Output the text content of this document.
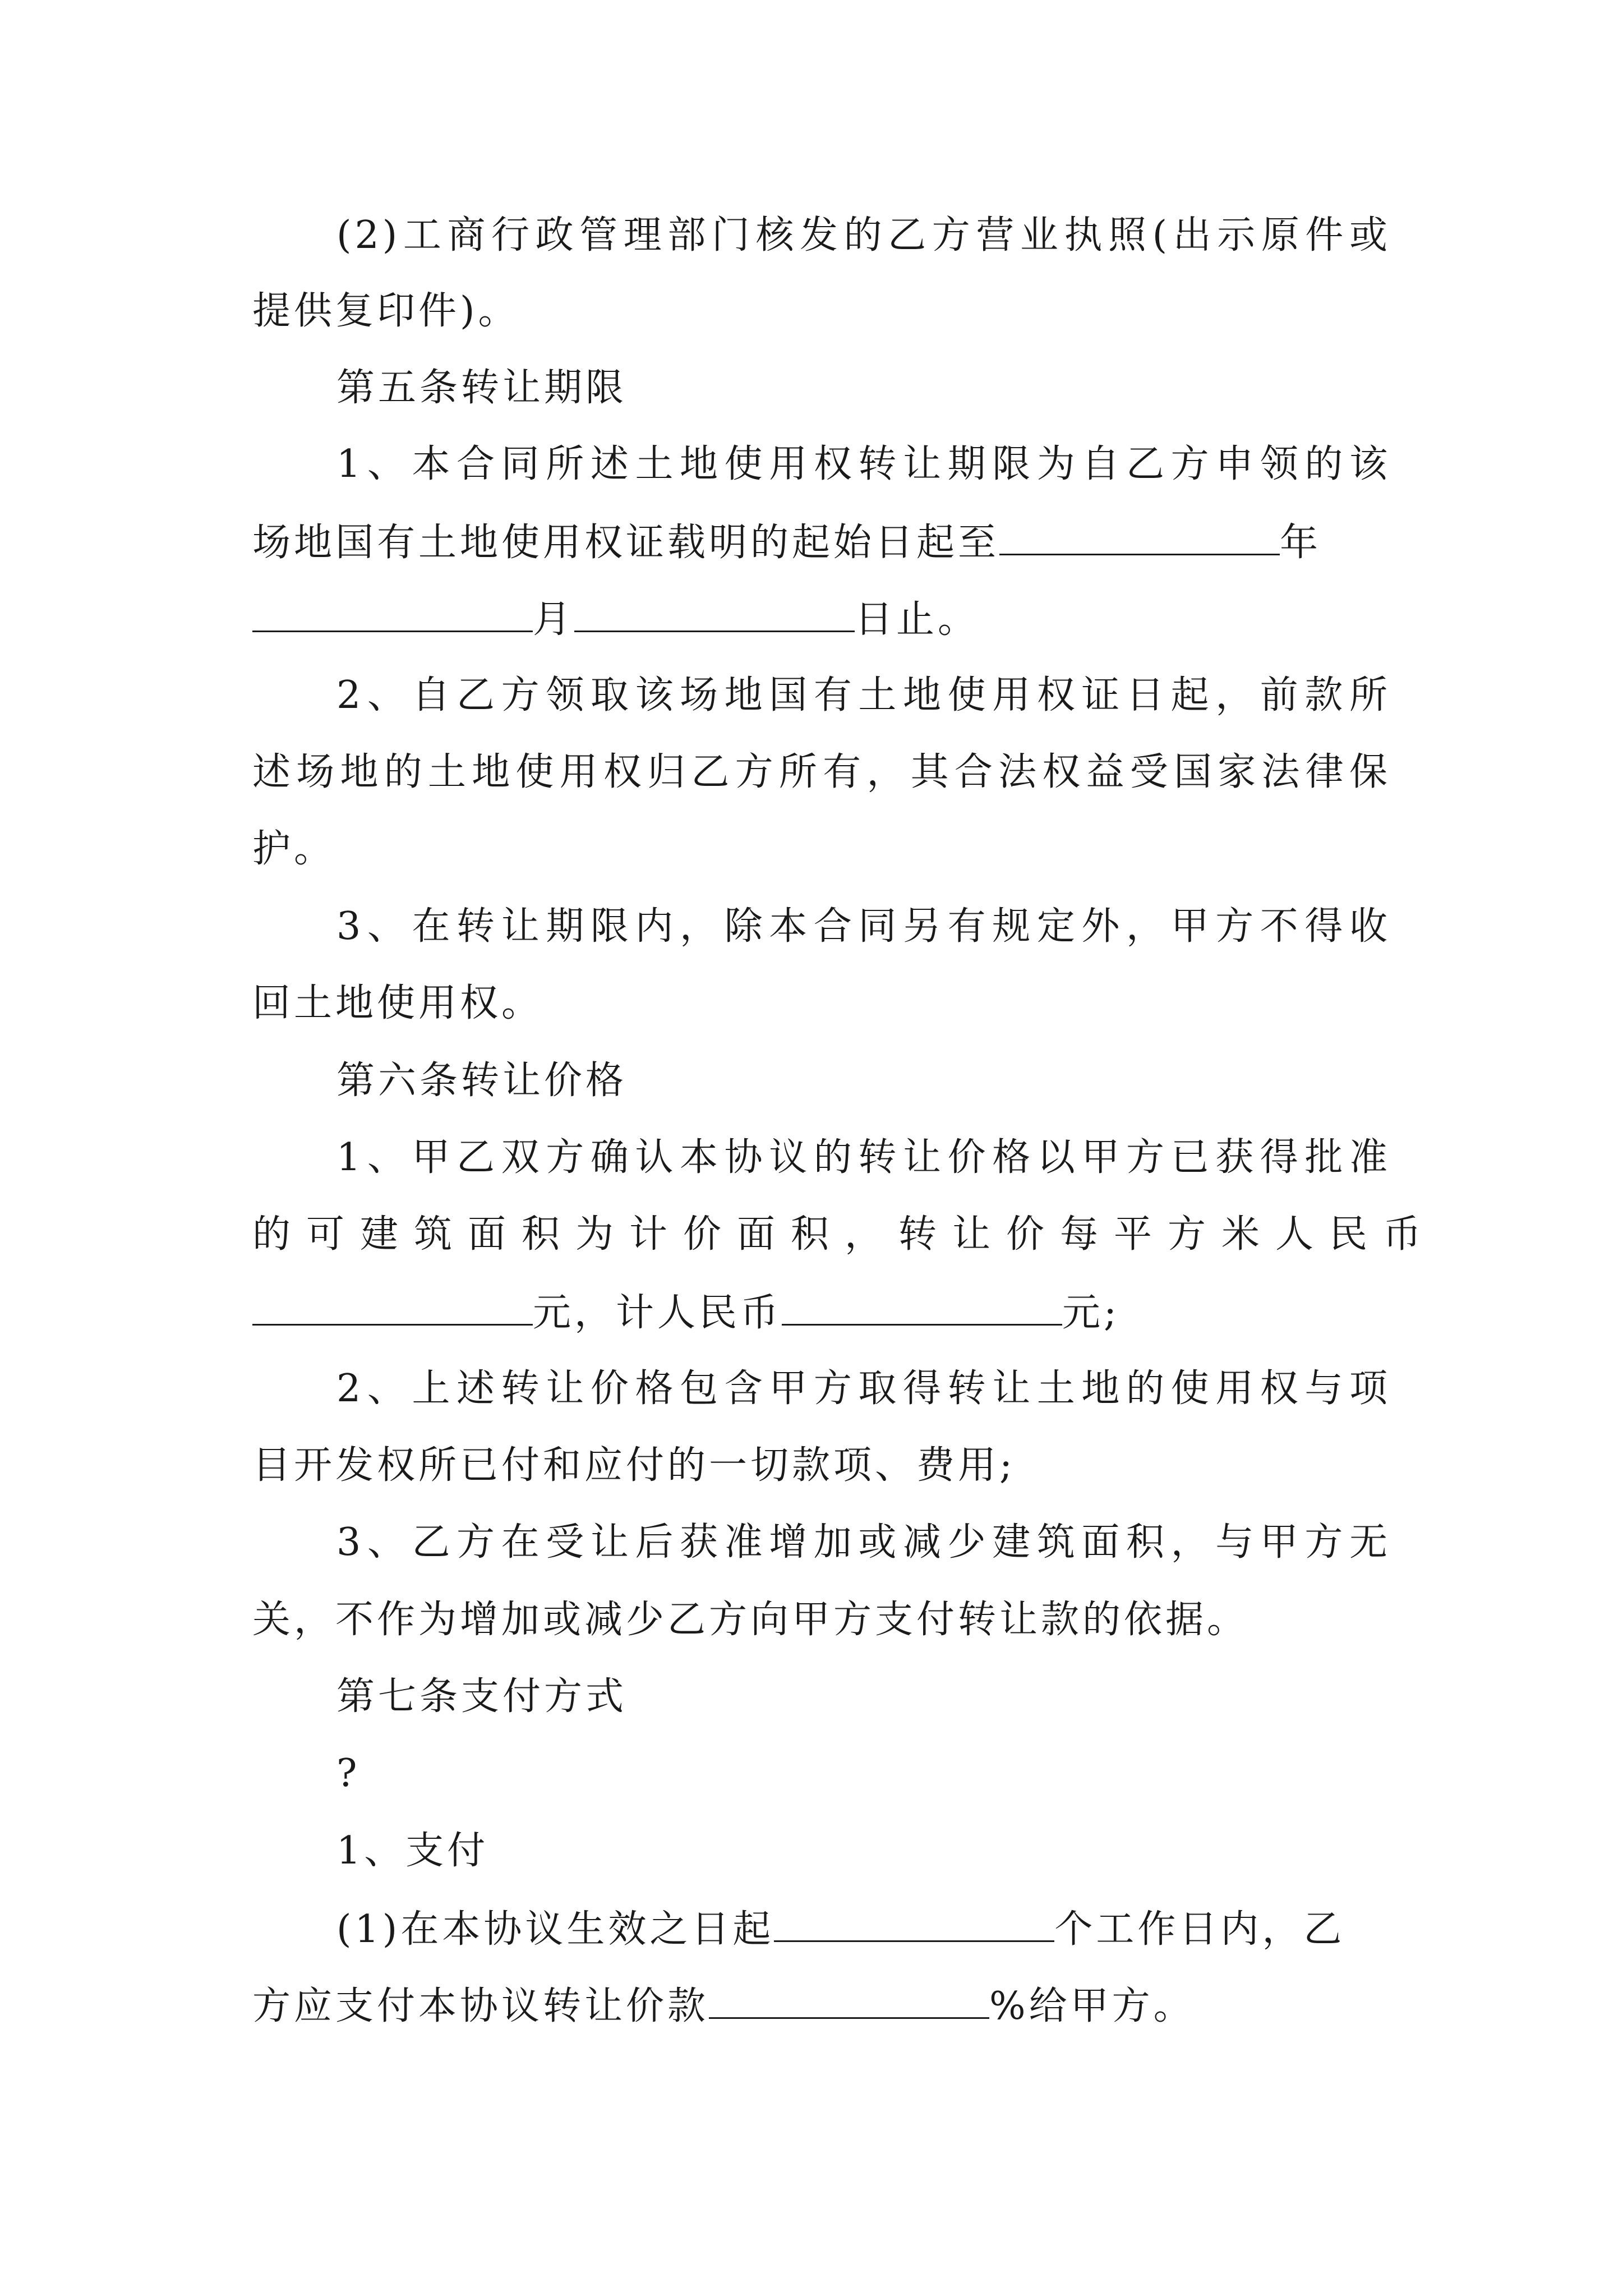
(2)工商行政管理部门核发的乙方营业执照(出示原件或
提供复印件)。
第五条转让期限
1、本合同所述土地使用权转让期限为自乙方申领的该
场地国有土地使用权证载明的起始日起至	年
月	日止。
2、自乙方领取该场地国有土地使用权证日起，前款所
述场地的土地使用权归乙方所有，其合法权益受国家法律保
护。
3、在转让期限内，除本合同另有规定外，甲方不得收
回土地使用权。
第六条转让价格
1、甲乙双方确认本协议的转让价格以甲方已获得批准
的可建筑面积为计价面积，转让价每平方米人民币
元，计人民币	元;
2、上述转让价格包含甲方取得转让土地的使用权与项
目开发权所已付和应付的一切款项、费用;
3、乙方在受让后获准增加或减少建筑面积，与甲方无
关，不作为增加或减少乙方向甲方支付转让款的依据。
第七条支付方式
?
1、支付
(1)在本协议生效之日起	个工作日内，乙
方应支付本协议转让价款	%给甲方。
